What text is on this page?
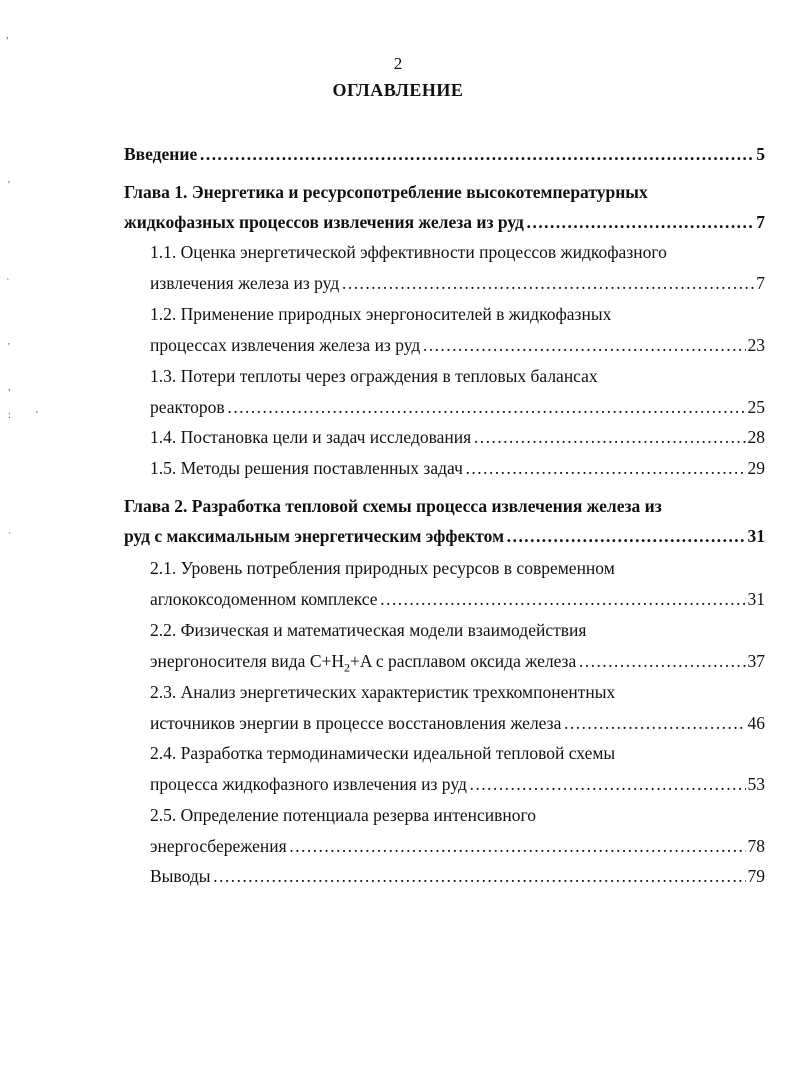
2
ОГЛАВЛЕНИЕ
Введение ………………………………………………………………………………………………………………………………………………………………………………	5
Глава 1. Энергетика и ресурсопотребление высокотемпературных
жидкофазных процессов извлечения железа из руд ………………………………………………………………………………………………………………………………………………………………………………	7
1.1. Оценка энергетической эффективности процессов жидкофазного
извлечения железа из руд ………………………………………………………………………………………………………………………………………………………………………………	7
1.2. Применение природных энергоносителей в жидкофазных
процессах извлечения железа из руд ………………………………………………………………………………………………………………………………………………………………………………	23
1.3. Потери теплоты через ограждения в тепловых балансах
реакторов ………………………………………………………………………………………………………………………………………………………………………………	25
1.4. Постановка цели и задач исследования ………………………………………………………………………………………………………………………………………………………………………………	28
1.5. Методы решения поставленных задач ………………………………………………………………………………………………………………………………………………………………………………	29
Глава 2. Разработка тепловой схемы процесса извлечения железа из
руд с максимальным энергетическим эффектом ………………………………………………………………………………………………………………………………………………………………………………	31
2.1. Уровень потребления природных ресурсов в современном
аглококсодоменном комплексе ………………………………………………………………………………………………………………………………………………………………………………	31
2.2. Физическая и математическая модели взаимодействия
энергоносителя вида $C+H_2+A$ с расплавом оксида железа ………………………………………………………………………………………………………………………………………………………………………………	37
2.3. Анализ энергетических характеристик трехкомпонентных
источников энергии в процессе восстановления железа ………………………………………………………………………………………………………………………………………………………………………………	46
2.4. Разработка термодинамически идеальной тепловой схемы
процесса жидкофазного извлечения из руд ………………………………………………………………………………………………………………………………………………………………………………	53
2.5. Определение потенциала резерва интенсивного
энергосбережения ………………………………………………………………………………………………………………………………………………………………………………	78
Выводы ………………………………………………………………………………………………………………………………………………………………………………	79
,
'
`
'
,
:	'
`
